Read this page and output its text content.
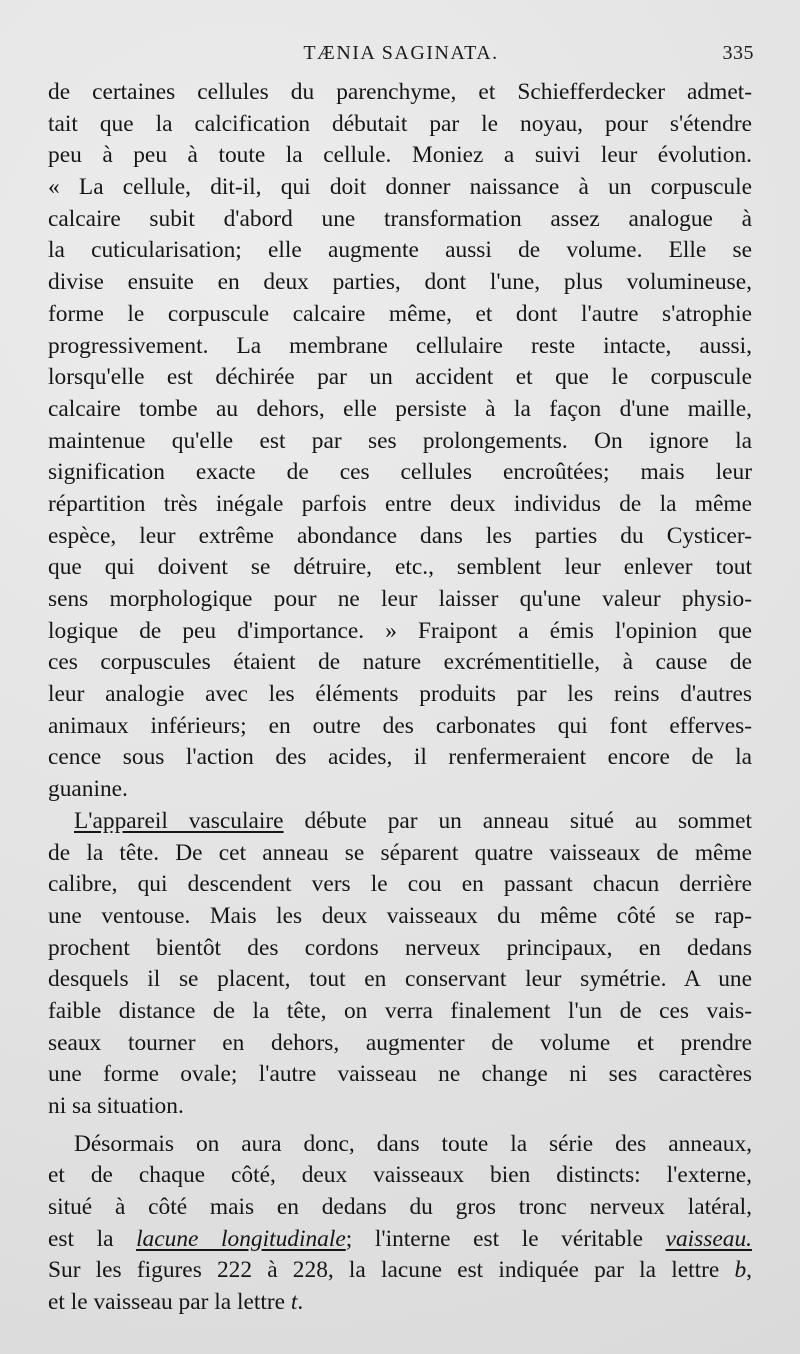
TÆNIA SAGINATA.	335
de certaines cellules du parenchyme, et Schiefferdecker admet-
tait que la calcification débutait par le noyau, pour s'étendre
peu à peu à toute la cellule. Moniez a suivi leur évolution.
« La cellule, dit-il, qui doit donner naissance à un corpuscule
calcaire subit d'abord une transformation assez analogue à
la cuticularisation; elle augmente aussi de volume. Elle se
divise ensuite en deux parties, dont l'une, plus volumineuse,
forme le corpuscule calcaire même, et dont l'autre s'atrophie
progressivement. La membrane cellulaire reste intacte, aussi,
lorsqu'elle est déchirée par un accident et que le corpuscule
calcaire tombe au dehors, elle persiste à la façon d'une maille,
maintenue qu'elle est par ses prolongements. On ignore la
signification exacte de ces cellules encroûtées; mais leur
répartition très inégale parfois entre deux individus de la même
espèce, leur extrême abondance dans les parties du Cysticer-
que qui doivent se détruire, etc., semblent leur enlever tout
sens morphologique pour ne leur laisser qu'une valeur physio-
logique de peu d'importance. » Fraipont a émis l'opinion que
ces corpuscules étaient de nature excrémentitielle, à cause de
leur analogie avec les éléments produits par les reins d'autres
animaux inférieurs; en outre des carbonates qui font efferves-
cence sous l'action des acides, il renfermeraient encore de la
guanine.
L'appareil vasculaire débute par un anneau situé au sommet
de la tête. De cet anneau se séparent quatre vaisseaux de même
calibre, qui descendent vers le cou en passant chacun derrière
une ventouse. Mais les deux vaisseaux du même côté se rap-
prochent bientôt des cordons nerveux principaux, en dedans
desquels il se placent, tout en conservant leur symétrie. A une
faible distance de la tête, on verra finalement l'un de ces vais-
seaux tourner en dehors, augmenter de volume et prendre
une forme ovale; l'autre vaisseau ne change ni ses caractères
ni sa situation.
Désormais on aura donc, dans toute la série des anneaux,
et de chaque côté, deux vaisseaux bien distincts: l'externe,
situé à côté mais en dedans du gros tronc nerveux latéral,
est la lacune longitudinale; l'interne est le véritable vaisseau.
Sur les figures 222 à 228, la lacune est indiquée par la lettre b,
et le vaisseau par la lettre t.
